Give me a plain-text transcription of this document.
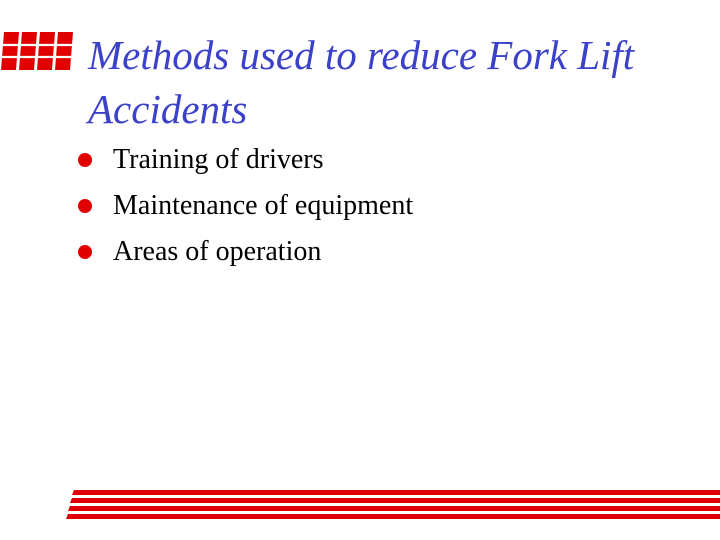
Methods used to reduce Fork Lift Accidents
Training of drivers
Maintenance of equipment
Areas of operation
